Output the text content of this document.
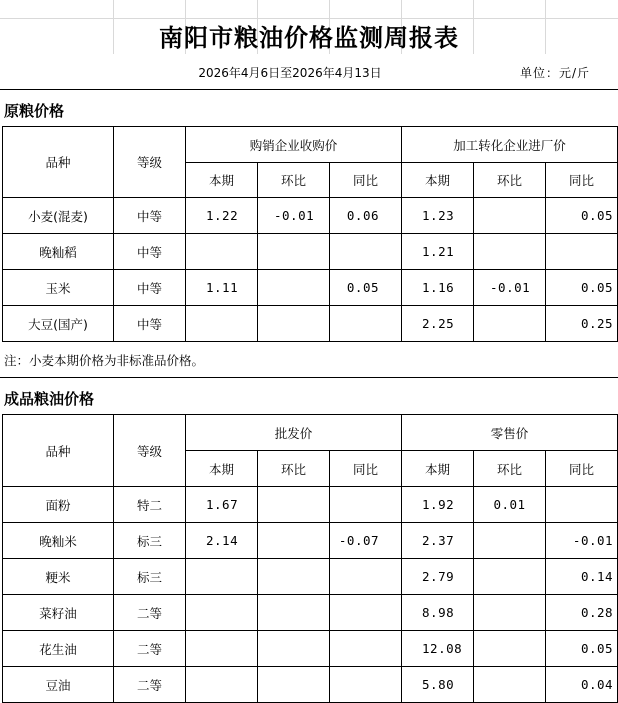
南阳市粮油价格监测周报表
2026年4月6日至2026年4月13日	单位：元/斤
原粮价格
品种	等级	购销企业收购价			加工转化企业进厂价		
		本期	环比	同比	本期	环比	同比
小麦(混麦)	中等	1.22	-0.01	0.06	1.23		0.05
晚籼稻	中等				1.21		
玉米	中等	1.11		0.05	1.16	-0.01	0.05
大豆(国产)	中等				2.25		0.25
注：小麦本期价格为非标准品价格。
成品粮油价格
品种	等级	批发价			零售价		
		本期	环比	同比	本期	环比	同比
面粉	特二	1.67			1.92	0.01	
晚籼米	标三	2.14		-0.07	2.37		-0.01
粳米	标三				2.79		0.14
菜籽油	二等				8.98		0.28
花生油	二等				12.08		0.05
豆油	二等				5.80		0.04
